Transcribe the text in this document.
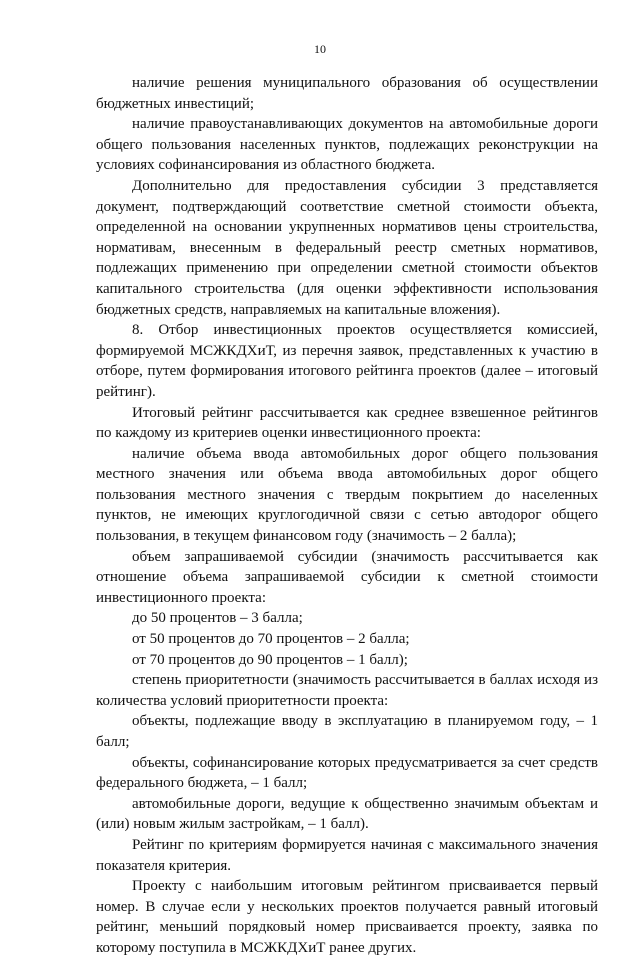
10

наличие решения муниципального образования об осуществлении бюджетных инвестиций;

наличие правоустанавливающих документов на автомобильные дороги общего пользования населенных пунктов, подлежащих реконструкции на условиях софинансирования из областного бюджета.

Дополнительно для предоставления субсидии 3 представляется документ, подтверждающий соответствие сметной стоимости объекта, определенной на основании укрупненных нормативов цены строительства, нормативам, внесенным в федеральный реестр сметных нормативов, подлежащих применению при определении сметной стоимости объектов капитального строительства (для оценки эффективности использования бюджетных средств, направляемых на капитальные вложения).

8. Отбор инвестиционных проектов осуществляется комиссией, формируемой МСЖКДХиТ, из перечня заявок, представленных к участию в отборе, путем формирования итогового рейтинга проектов (далее – итоговый рейтинг).

Итоговый рейтинг рассчитывается как среднее взвешенное рейтингов по каждому из критериев оценки инвестиционного проекта:

наличие объема ввода автомобильных дорог общего пользования местного значения или объема ввода автомобильных дорог общего пользования местного значения с твердым покрытием до населенных пунктов, не имеющих круглогодичной связи с сетью автодорог общего пользования, в текущем финансовом году (значимость – 2 балла);

объем запрашиваемой субсидии (значимость рассчитывается как отношение объема запрашиваемой субсидии к сметной стоимости инвестиционного проекта:

до 50 процентов – 3 балла;

от 50 процентов до 70 процентов – 2 балла;

от 70 процентов до 90 процентов – 1 балл);

степень приоритетности (значимость рассчитывается в баллах исходя из количества условий приоритетности проекта:

объекты, подлежащие вводу в эксплуатацию в планируемом году, – 1 балл;

объекты, софинансирование которых предусматривается за счет средств федерального бюджета, – 1 балл;

автомобильные дороги, ведущие к общественно значимым объектам и (или) новым жилым застройкам, – 1 балл).

Рейтинг по критериям формируется начиная с максимального значения показателя критерия.

Проекту с наибольшим итоговым рейтингом присваивается первый номер. В случае если у нескольких проектов получается равный итоговый рейтинг, меньший порядковый номер присваивается проекту, заявка по которому поступила в МСЖКДХиТ ранее других.
